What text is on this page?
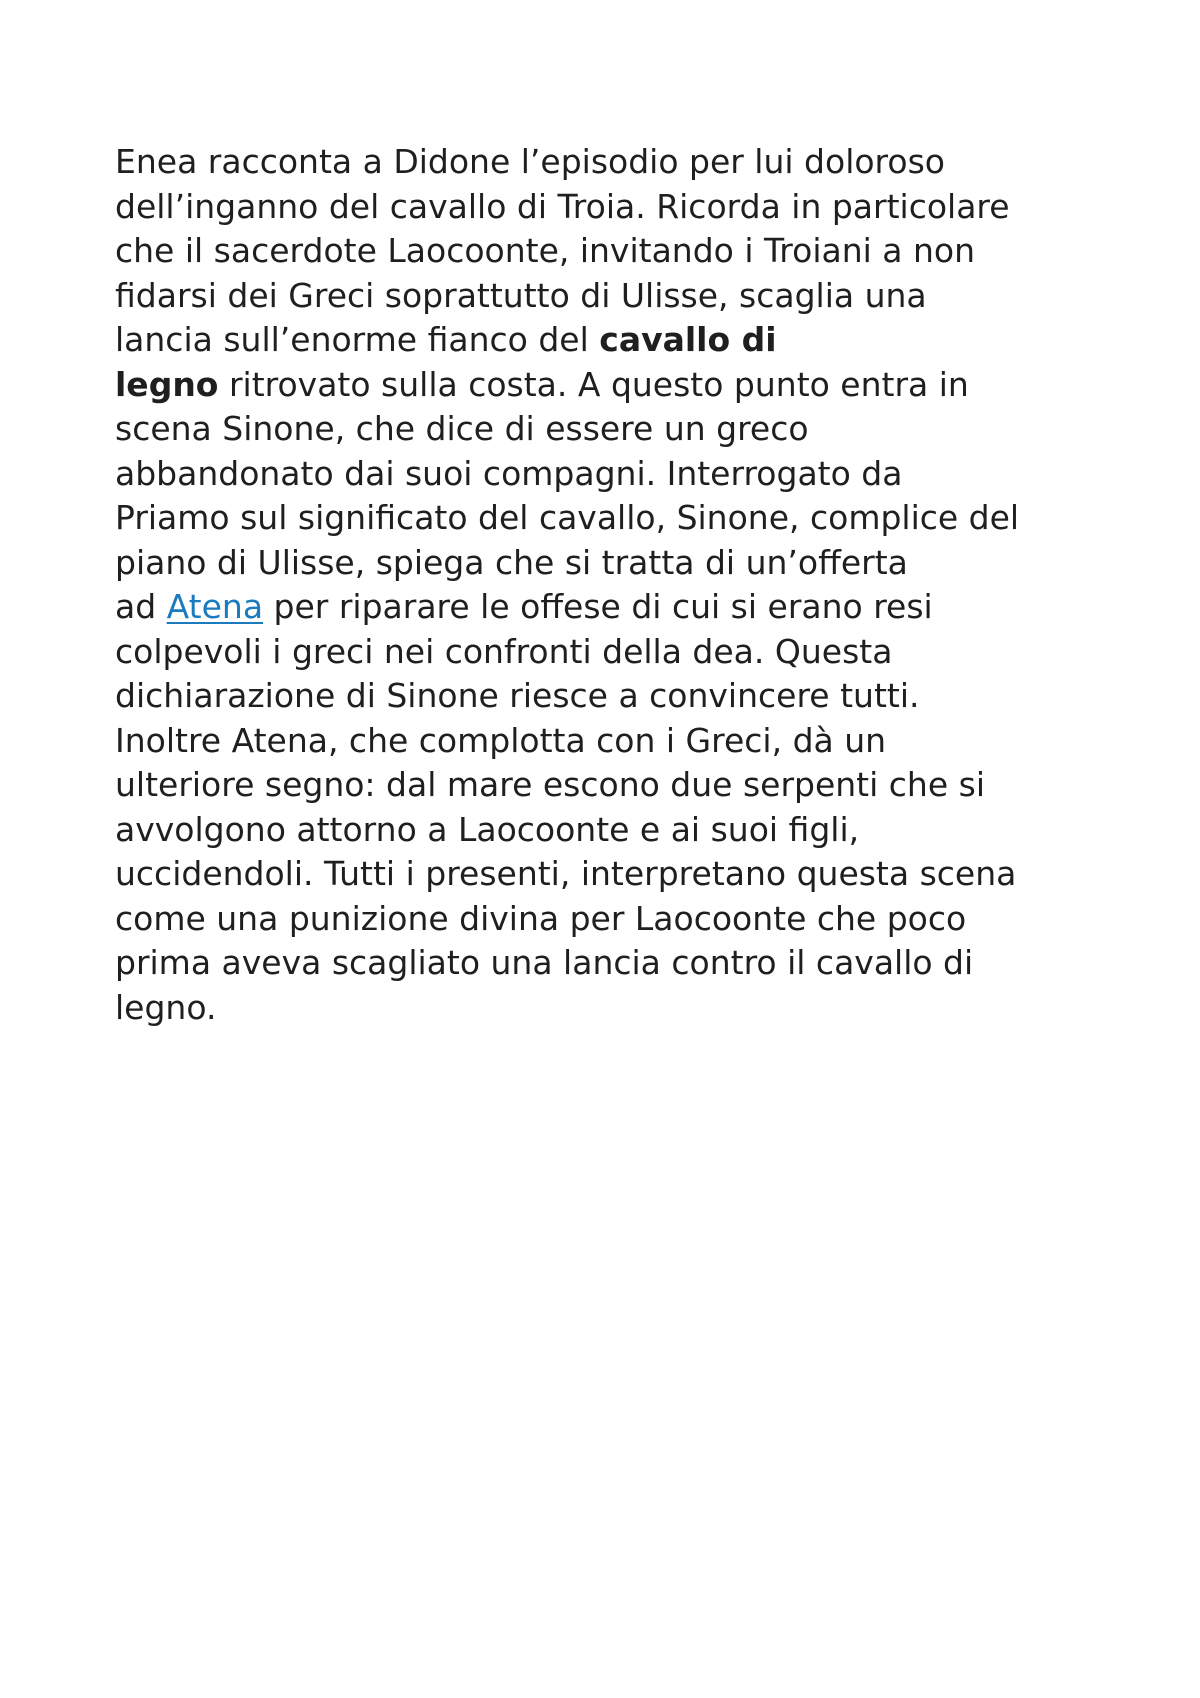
Enea racconta a Didone l’episodio per lui doloroso
dell’inganno del cavallo di Troia. Ricorda in particolare
che il sacerdote Laocoonte, invitando i Troiani a non
fidarsi dei Greci soprattutto di Ulisse, scaglia una
lancia sull’enorme fianco del cavallo di
legno ritrovato sulla costa. A questo punto entra in
scena Sinone, che dice di essere un greco
abbandonato dai suoi compagni. Interrogato da
Priamo sul significato del cavallo, Sinone, complice del
piano di Ulisse, spiega che si tratta di un’offerta
ad Atena per riparare le offese di cui si erano resi
colpevoli i greci nei confronti della dea. Questa
dichiarazione di Sinone riesce a convincere tutti.
Inoltre Atena, che complotta con i Greci, dà un
ulteriore segno: dal mare escono due serpenti che si
avvolgono attorno a Laocoonte e ai suoi figli,
uccidendoli. Tutti i presenti, interpretano questa scena
come una punizione divina per Laocoonte che poco
prima aveva scagliato una lancia contro il cavallo di
legno.
